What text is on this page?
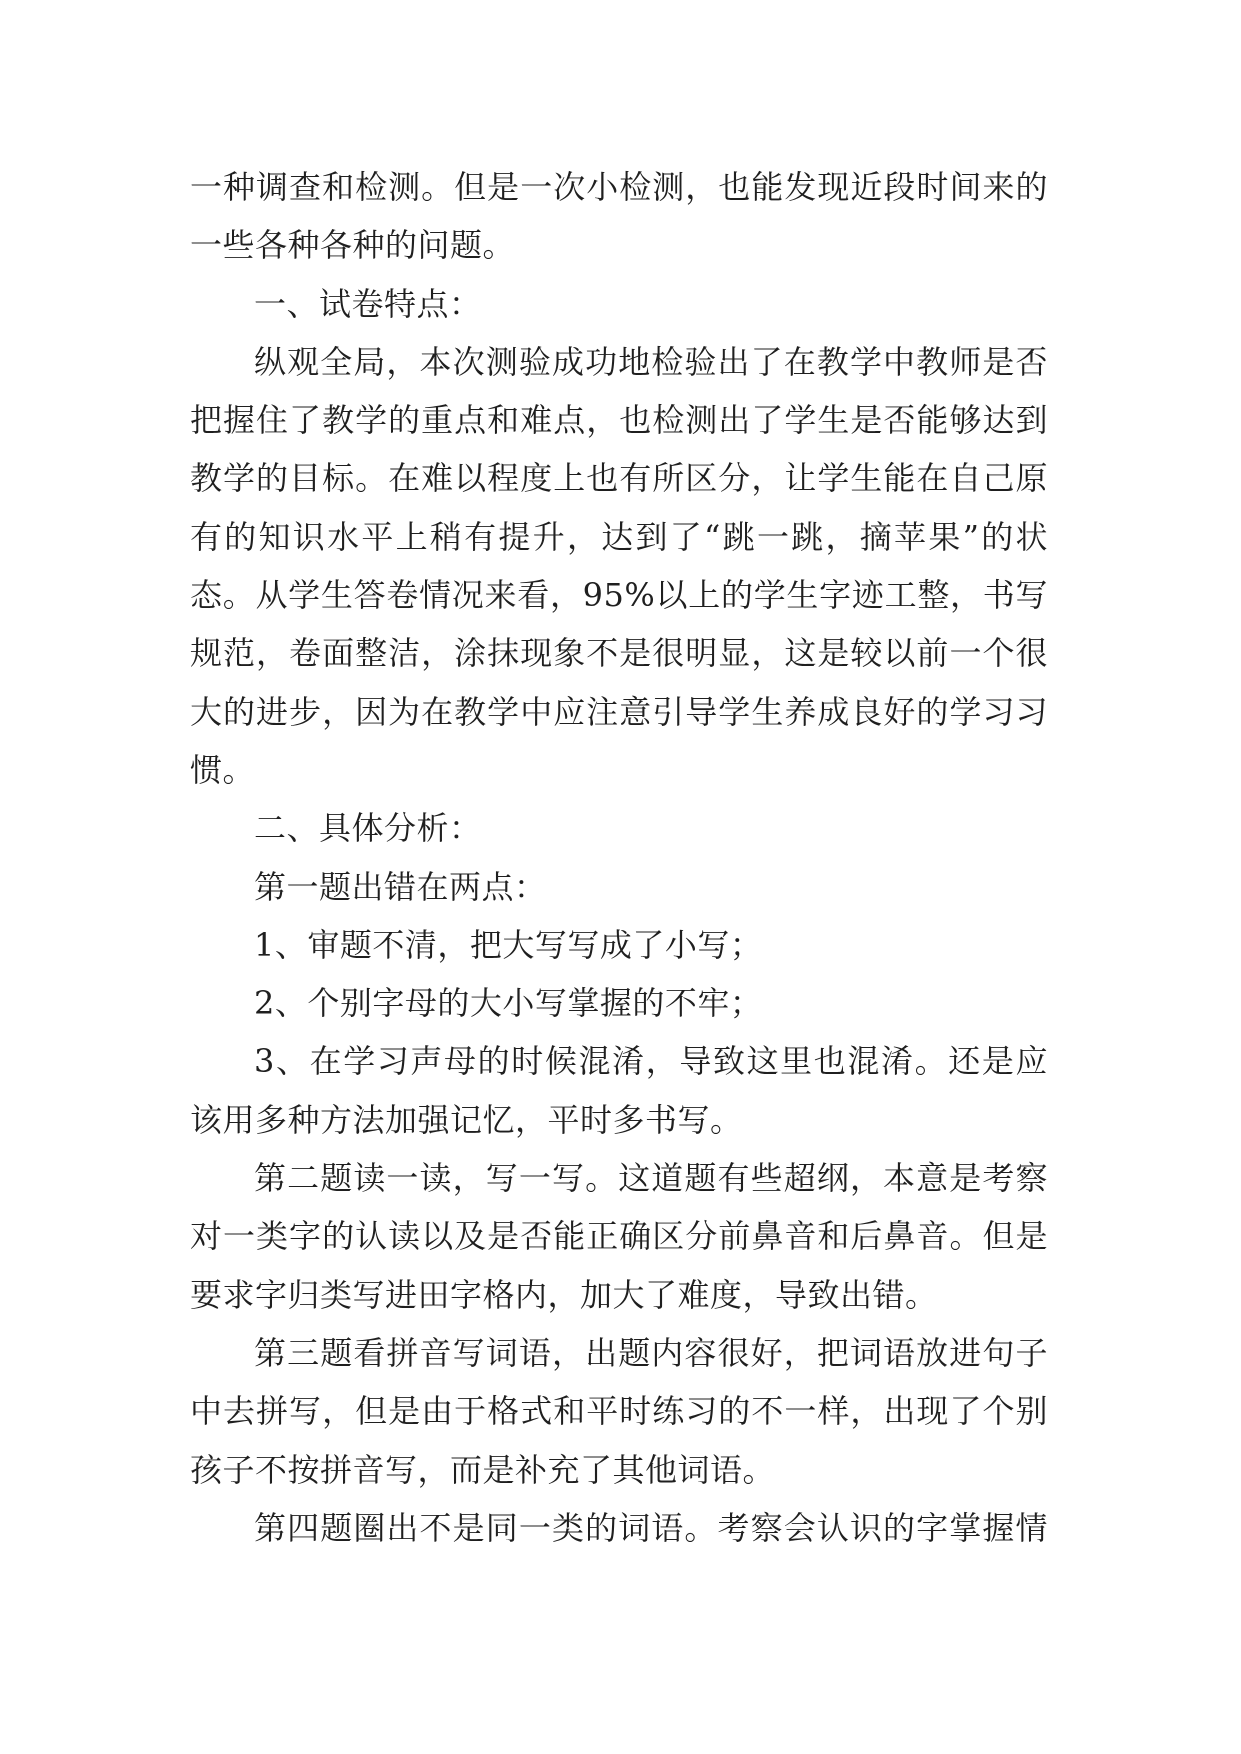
一种调查和检测。但是一次小检测，也能发现近段时间来的
一些各种各种的问题。
一、试卷特点：
纵观全局，本次测验成功地检验出了在教学中教师是否
把握住了教学的重点和难点，也检测出了学生是否能够达到
教学的目标。在难以程度上也有所区分，让学生能在自己原
有的知识水平上稍有提升，达到了“跳一跳，摘苹果”的状
态。从学生答卷情况来看，95%以上的学生字迹工整，书写
规范，卷面整洁，涂抹现象不是很明显，这是较以前一个很
大的进步，因为在教学中应注意引导学生养成良好的学习习
惯。
二、具体分析：
第一题出错在两点：
1、审题不清，把大写写成了小写；
2、个别字母的大小写掌握的不牢；
3、在学习声母的时候混淆，导致这里也混淆。还是应
该用多种方法加强记忆，平时多书写。
第二题读一读，写一写。这道题有些超纲，本意是考察
对一类字的认读以及是否能正确区分前鼻音和后鼻音。但是
要求字归类写进田字格内，加大了难度，导致出错。
第三题看拼音写词语，出题内容很好，把词语放进句子
中去拼写，但是由于格式和平时练习的不一样，出现了个别
孩子不按拼音写，而是补充了其他词语。
第四题圈出不是同一类的词语。考察会认识的字掌握情
